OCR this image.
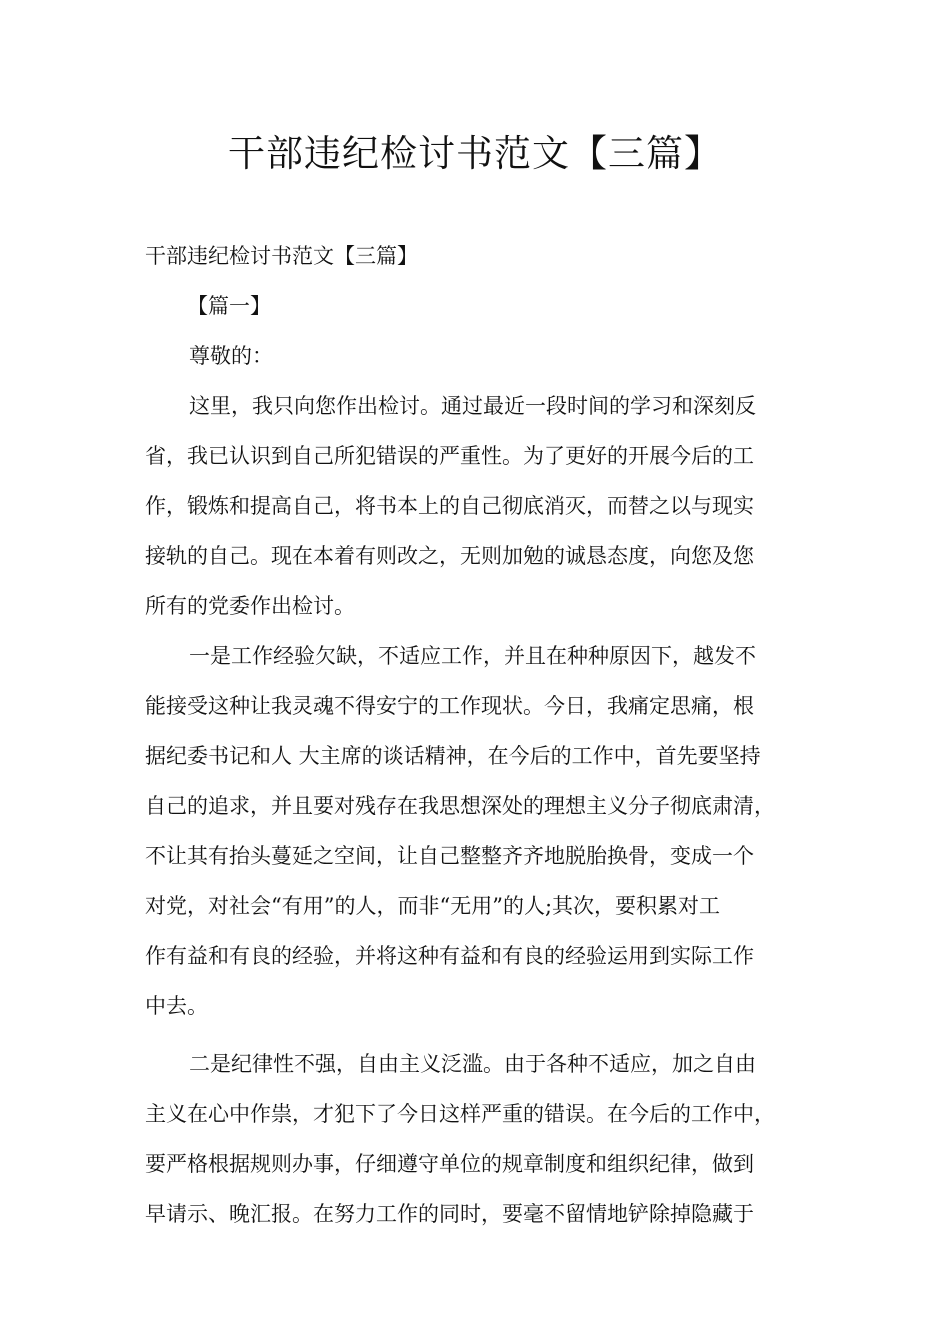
干部违纪检讨书范文【三篇】
干部违纪检讨书范文【三篇】
【篇一】
尊敬的：
这里，我只向您作出检讨。通过最近一段时间的学习和深刻反
省，我已认识到自己所犯错误的严重性。为了更好的开展今后的工
作，锻炼和提高自己，将书本上的自己彻底消灭，而替之以与现实
接轨的自己。现在本着有则改之，无则加勉的诚恳态度，向您及您
所有的党委作出检讨。
一是工作经验欠缺，不适应工作，并且在种种原因下，越发不
能接受这种让我灵魂不得安宁的工作现状。今日，我痛定思痛，根
据纪委书记和人 大主席的谈话精神，在今后的工作中，首先要坚持
自己的追求，并且要对残存在我思想深处的理想主义分子彻底肃清，
不让其有抬头蔓延之空间，让自己整整齐齐地脱胎换骨，变成一个
对党，对社会“有用”的人，而非“无用”的人;其次，要积累对工
作有益和有良的经验，并将这种有益和有良的经验运用到实际工作
中去。
二是纪律性不强，自由主义泛滥。由于各种不适应，加之自由
主义在心中作祟，才犯下了今日这样严重的错误。在今后的工作中，
要严格根据规则办事，仔细遵守单位的规章制度和组织纪律，做到
早请示、晚汇报。在努力工作的同时，要毫不留情地铲除掉隐藏于
